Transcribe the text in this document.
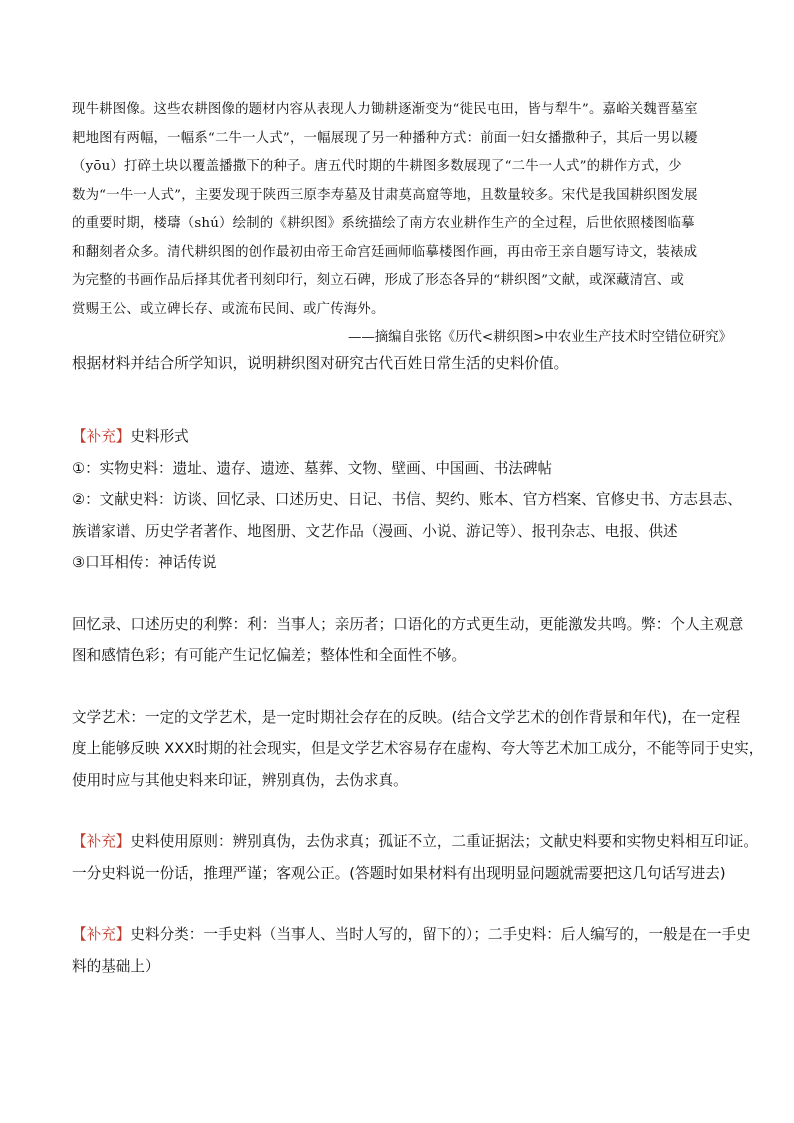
现牛耕图像。这些农耕图像的题材内容从表现人力锄耕逐渐变为“徙民屯田，皆与犁牛”。嘉峪关魏晋墓室
耙地图有两幅，一幅系“二牛一人式”，一幅展现了另一种播种方式：前面一妇女播撒种子，其后一男以耰
（yōu）打碎土块以覆盖播撒下的种子。唐五代时期的牛耕图多数展现了“二牛一人式”的耕作方式，少
数为“一牛一人式”，主要发现于陕西三原李寿墓及甘肃莫高窟等地，且数量较多。宋代是我国耕织图发展
的重要时期，楼璹（shú）绘制的《耕织图》系统描绘了南方农业耕作生产的全过程，后世依照楼图临摹
和翻刻者众多。清代耕织图的创作最初由帝王命宫廷画师临摹楼图作画，再由帝王亲自题写诗文，装裱成
为完整的书画作品后择其优者刊刻印行，刻立石碑，形成了形态各异的“耕织图”文献，或深藏清宫、或
赏赐王公、或立碑长存、或流布民间、或广传海外。
——摘编自张铭《历代<耕织图>中农业生产技术时空错位研究》
根据材料并结合所学知识，说明耕织图对研究古代百姓日常生活的史料价值。
【补充】史料形式
①：实物史料：遗址、遗存、遗迹、墓葬、文物、壁画、中国画、书法碑帖
②：文献史料：访谈、回忆录、口述历史、日记、书信、契约、账本、官方档案、官修史书、方志县志、
族谱家谱、历史学者著作、地图册、文艺作品（漫画、小说、游记等）、报刊杂志、电报、供述
③口耳相传：神话传说
回忆录、口述历史的利弊：利：当事人；亲历者；口语化的方式更生动，更能激发共鸣。弊：个人主观意
图和感情色彩；有可能产生记忆偏差；整体性和全面性不够。
文学艺术：一定的文学艺术，是一定时期社会存在的反映。(结合文学艺术的创作背景和年代)，在一定程
度上能够反映 XXX时期的社会现实，但是文学艺术容易存在虚构、夸大等艺术加工成分，不能等同于史实，
使用时应与其他史料来印证，辨别真伪，去伪求真。
【补充】史料使用原则：辨别真伪，去伪求真；孤证不立，二重证据法；文献史料要和实物史料相互印证。
一分史料说一份话，推理严谨；客观公正。(答题时如果材料有出现明显问题就需要把这几句话写进去)
【补充】史料分类：一手史料（当事人、当时人写的，留下的）；二手史料：后人编写的，一般是在一手史
料的基础上）
